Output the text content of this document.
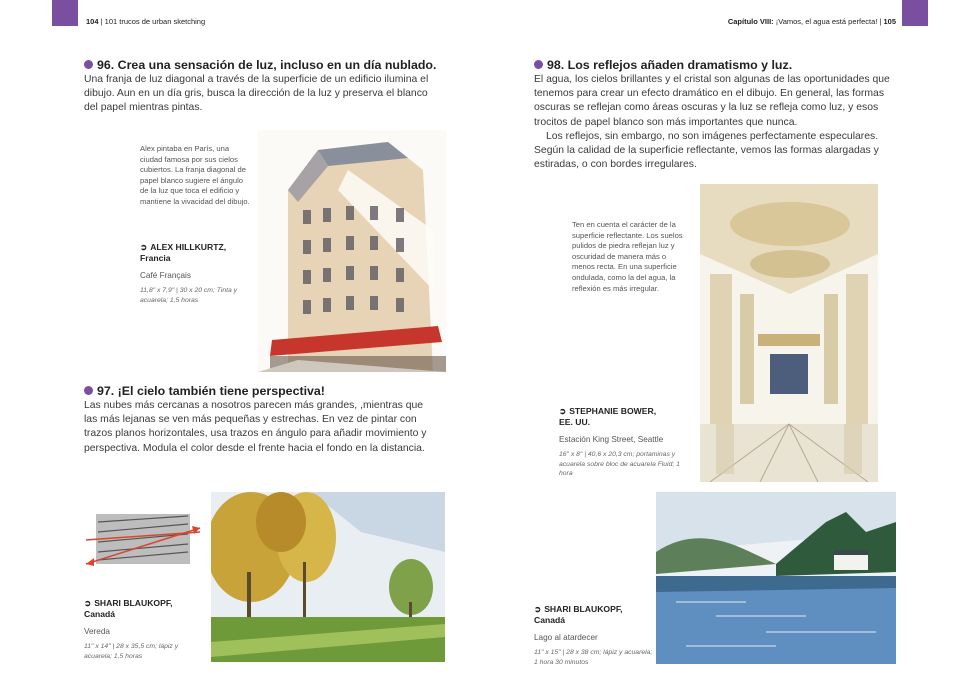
104 | 101 trucos de urban sketching	Capítulo VIII: ¡Vamos, el agua está perfecta! | 105
96. Crea una sensación de luz, incluso en un día nublado.

Una franja de luz diagonal a través de la superficie de un edificio ilumina el dibujo. Aun en un día gris, busca la dirección de la luz y preserva el blanco del papel mientras pintas.

Alex pintaba en París, una ciudad famosa por sus cielos cubiertos. La franja diagonal de papel blanco sugiere el ángulo de la luz que toca el edificio y mantiene la vivacidad del dibujo.
➲ ALEX HILLKURTZ,
Francia
Café Français
11,8" x 7,9" | 30 x 20 cm; Tinta y acuarela; 1,5 horas
97. ¡El cielo también tiene perspectiva!

Las nubes más cercanas a nosotros parecen más grandes, ,mientras que las más lejanas se ven más pequeñas y estrechas. En vez de pintar con trazos planos horizontales, usa trazos en ángulo para añadir movimiento y perspectiva. Modula el color desde el frente hacia el fondo en la distancia.

➲ SHARI BLAUKOPF,
Canadá
Vereda
11" x 14" | 28 x 35,5 cm; lápiz y acuarela; 1,5 horas
98. Los reflejos añaden dramatismo y luz.

El agua, los cielos brillantes y el cristal son algunas de las oportunidades que tenemos para crear un efecto dramático en el dibujo. En general, las formas oscuras se reflejan como áreas oscuras y la luz se refleja como luz, y esos trocitos de papel blanco son más importantes que nunca.

Los reflejos, sin embargo, no son imágenes perfectamente especulares. Según la calidad de la superficie reflectante, vemos las formas alargadas y estiradas, o con bordes irregulares.

Ten en cuenta el carácter de la superficie reflectante. Los suelos pulidos de piedra reflejan luz y oscuridad de manera más o menos recta. En una superficie ondulada, como la del agua, la reflexión es más irregular.
➲ STEPHANIE BOWER,
EE. UU.
Estación King Street, Seattle
16" x 8" | 40,6 x 20,3 cm; portaminas y acuarela sobre bloc de acuarela Fluid; 1 hora
➲ SHARI BLAUKOPF,
Canadá
Lago al atardecer
11" x 15" | 28 x 38 cm; lápiz y acuarela; 1 hora 30 minutos
